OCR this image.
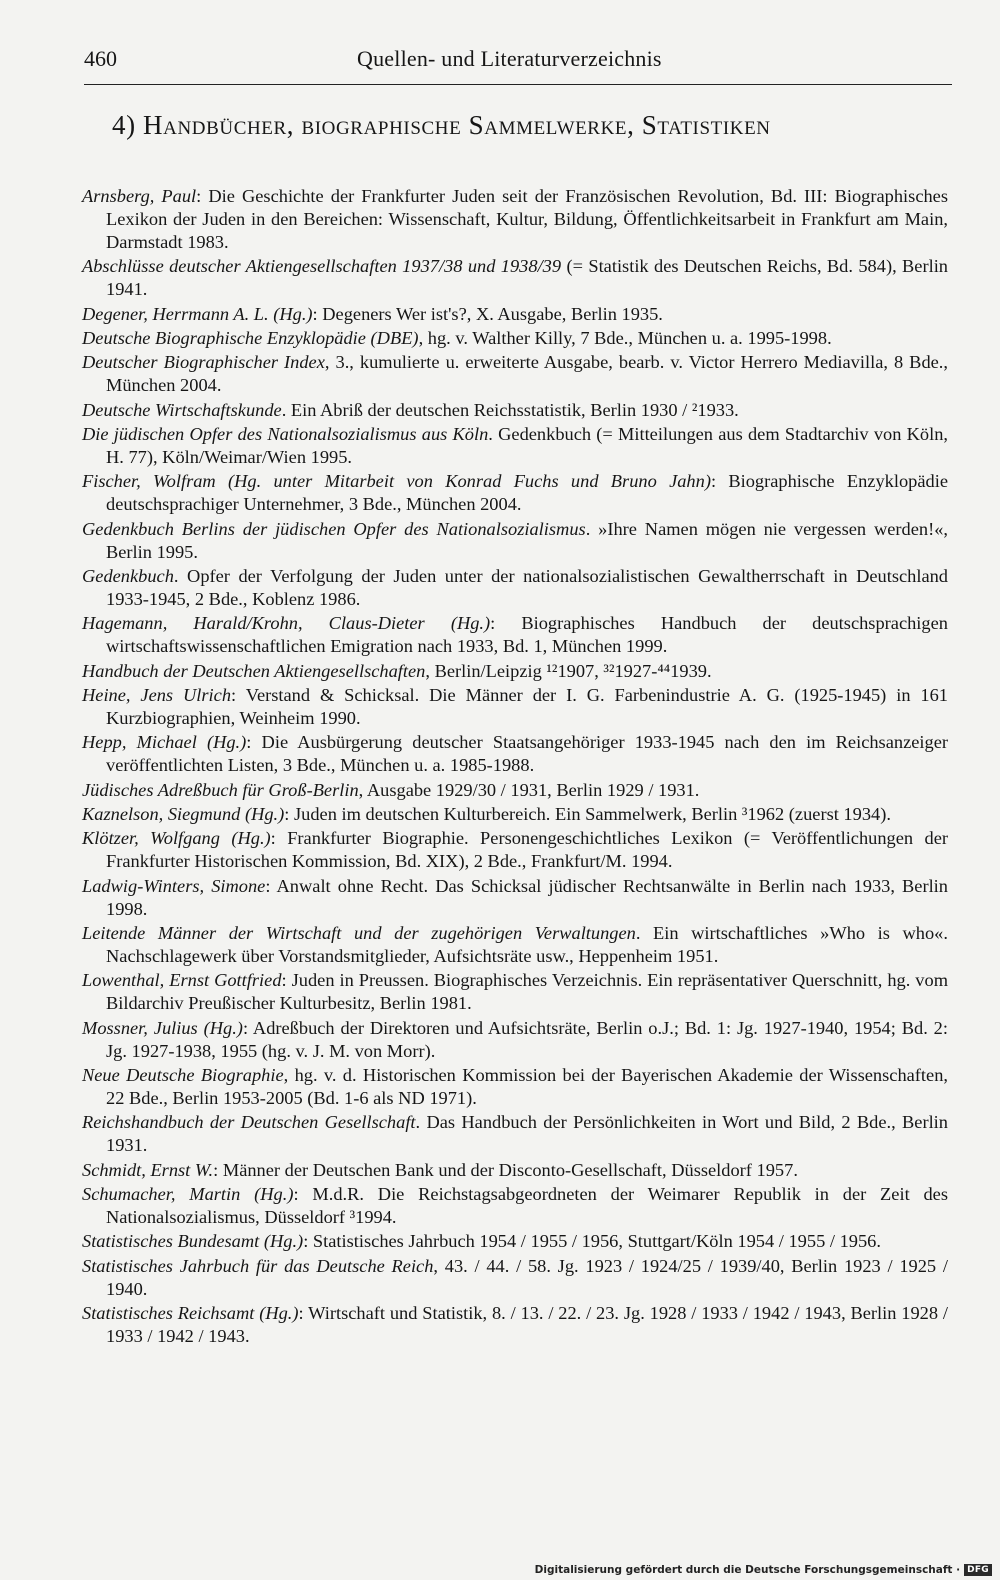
460	Quellen- und Literaturverzeichnis
4) Handbücher, biographische Sammelwerke, Statistiken

Arnsberg, Paul: Die Geschichte der Frankfurter Juden seit der Französischen Revolution, Bd. III: Biographisches Lexikon der Juden in den Bereichen: Wissenschaft, Kultur, Bildung, Öffentlichkeitsarbeit in Frankfurt am Main, Darmstadt 1983.

Abschlüsse deutscher Aktiengesellschaften 1937/38 und 1938/39 (= Statistik des Deutschen Reichs, Bd. 584), Berlin 1941.

Degener, Herrmann A. L. (Hg.): Degeners Wer ist's?, X. Ausgabe, Berlin 1935.

Deutsche Biographische Enzyklopädie (DBE), hg. v. Walther Killy, 7 Bde., München u. a. 1995-1998.

Deutscher Biographischer Index, 3., kumulierte u. erweiterte Ausgabe, bearb. v. Victor Herrero Mediavilla, 8 Bde., München 2004.

Deutsche Wirtschaftskunde. Ein Abriß der deutschen Reichsstatistik, Berlin 1930 / ²1933.

Die jüdischen Opfer des Nationalsozialismus aus Köln. Gedenkbuch (= Mitteilungen aus dem Stadtarchiv von Köln, H. 77), Köln/Weimar/Wien 1995.

Fischer, Wolfram (Hg. unter Mitarbeit von Konrad Fuchs und Bruno Jahn): Biographische Enzyklopädie deutschsprachiger Unternehmer, 3 Bde., München 2004.

Gedenkbuch Berlins der jüdischen Opfer des Nationalsozialismus. »Ihre Namen mögen nie vergessen werden!«, Berlin 1995.

Gedenkbuch. Opfer der Verfolgung der Juden unter der nationalsozialistischen Gewaltherrschaft in Deutschland 1933-1945, 2 Bde., Koblenz 1986.

Hagemann, Harald/Krohn, Claus-Dieter (Hg.): Biographisches Handbuch der deutschsprachigen wirtschaftswissenschaftlichen Emigration nach 1933, Bd. 1, München 1999.

Handbuch der Deutschen Aktiengesellschaften, Berlin/Leipzig ¹²1907, ³²1927-⁴⁴1939.

Heine, Jens Ulrich: Verstand & Schicksal. Die Männer der I. G. Farbenindustrie A. G. (1925-1945) in 161 Kurzbiographien, Weinheim 1990.

Hepp, Michael (Hg.): Die Ausbürgerung deutscher Staatsangehöriger 1933-1945 nach den im Reichsanzeiger veröffentlichten Listen, 3 Bde., München u. a. 1985-1988.

Jüdisches Adreßbuch für Groß-Berlin, Ausgabe 1929/30 / 1931, Berlin 1929 / 1931.

Kaznelson, Siegmund (Hg.): Juden im deutschen Kulturbereich. Ein Sammelwerk, Berlin ³1962 (zuerst 1934).

Klötzer, Wolfgang (Hg.): Frankfurter Biographie. Personengeschichtliches Lexikon (= Veröffentlichungen der Frankfurter Historischen Kommission, Bd. XIX), 2 Bde., Frankfurt/M. 1994.

Ladwig-Winters, Simone: Anwalt ohne Recht. Das Schicksal jüdischer Rechtsanwälte in Berlin nach 1933, Berlin 1998.

Leitende Männer der Wirtschaft und der zugehörigen Verwaltungen. Ein wirtschaftliches »Who is who«. Nachschlagewerk über Vorstandsmitglieder, Aufsichtsräte usw., Heppenheim 1951.

Lowenthal, Ernst Gottfried: Juden in Preussen. Biographisches Verzeichnis. Ein repräsentativer Querschnitt, hg. vom Bildarchiv Preußischer Kulturbesitz, Berlin 1981.

Mossner, Julius (Hg.): Adreßbuch der Direktoren und Aufsichtsräte, Berlin o.J.; Bd. 1: Jg. 1927-1940, 1954; Bd. 2: Jg. 1927-1938, 1955 (hg. v. J. M. von Morr).

Neue Deutsche Biographie, hg. v. d. Historischen Kommission bei der Bayerischen Akademie der Wissenschaften, 22 Bde., Berlin 1953-2005 (Bd. 1-6 als ND 1971).

Reichshandbuch der Deutschen Gesellschaft. Das Handbuch der Persönlichkeiten in Wort und Bild, 2 Bde., Berlin 1931.

Schmidt, Ernst W.: Männer der Deutschen Bank und der Disconto-Gesellschaft, Düsseldorf 1957.

Schumacher, Martin (Hg.): M.d.R. Die Reichstagsabgeordneten der Weimarer Republik in der Zeit des Nationalsozialismus, Düsseldorf ³1994.

Statistisches Bundesamt (Hg.): Statistisches Jahrbuch 1954 / 1955 / 1956, Stuttgart/Köln 1954 / 1955 / 1956.

Statistisches Jahrbuch für das Deutsche Reich, 43. / 44. / 58. Jg. 1923 / 1924/25 / 1939/40, Berlin 1923 / 1925 / 1940.

Statistisches Reichsamt (Hg.): Wirtschaft und Statistik, 8. / 13. / 22. / 23. Jg. 1928 / 1933 / 1942 / 1943, Berlin 1928 / 1933 / 1942 / 1943.

Digitalisierung gefördert durch die Deutsche Forschungsgemeinschaft · DFG
